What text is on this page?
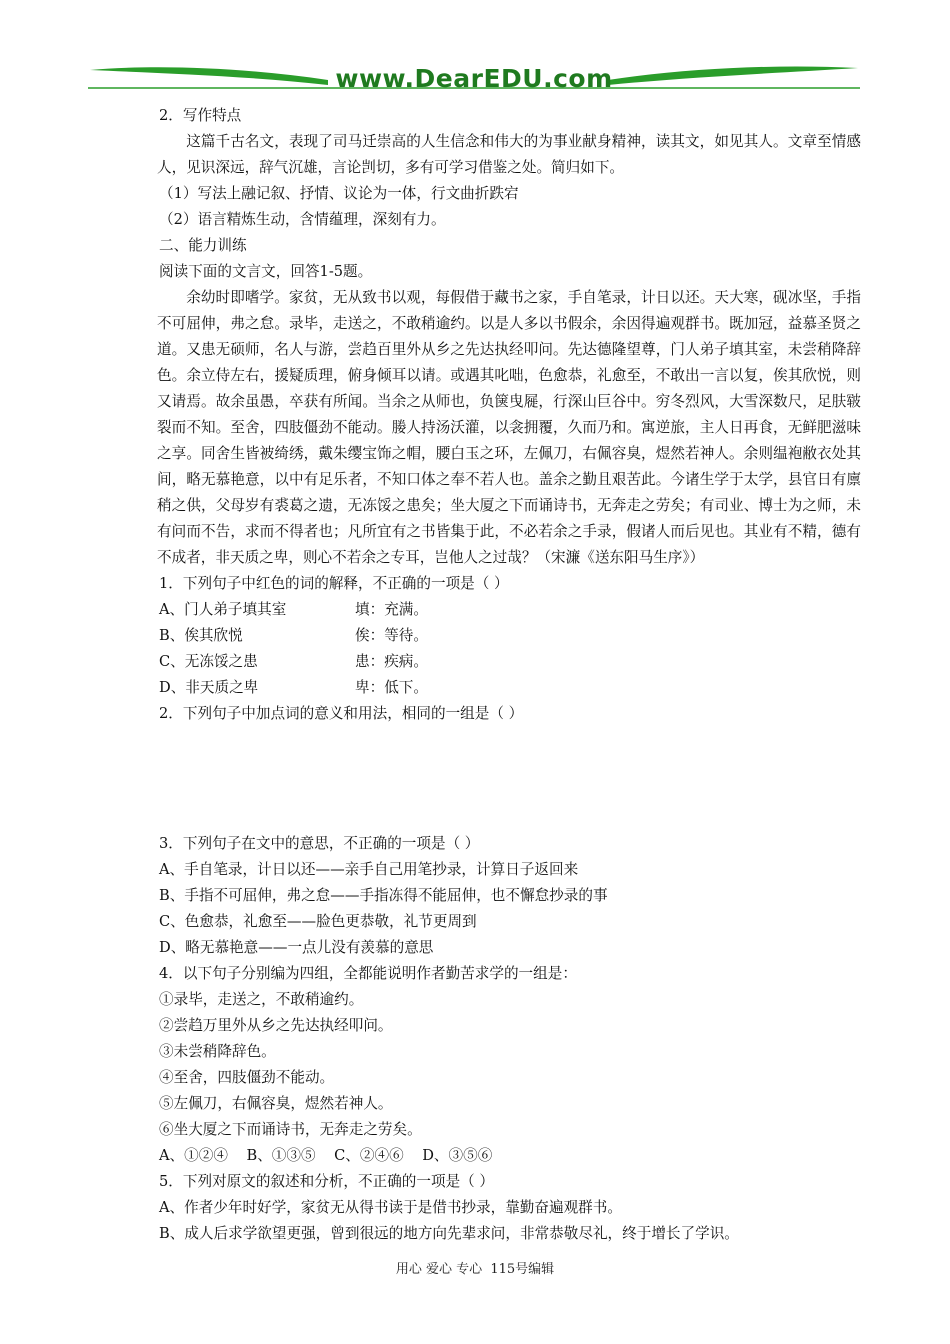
www.DearEDU.com

2．写作特点

这篇千古名文，表现了司马迁崇高的人生信念和伟大的为事业献身精神，读其文，如见其人。文章至情感人，见识深远，辞气沉雄，言论剀切，多有可学习借鉴之处。简归如下。

（1）写法上融记叙、抒情、议论为一体，行文曲折跌宕

（2）语言精炼生动，含情蕴理，深刻有力。

二、能力训练

阅读下面的文言文，回答1-5题。

余幼时即嗜学。家贫，无从致书以观，每假借于藏书之家，手自笔录，计日以还。天大寒，砚冰坚，手指不可屈伸，弗之怠。录毕，走送之，不敢稍逾约。以是人多以书假余，余因得遍观群书。既加冠，益慕圣贤之道。又患无硕师，名人与游，尝趋百里外从乡之先达执经叩问。先达德隆望尊，门人弟子填其室，未尝稍降辞色。余立侍左右，援疑质理，俯身倾耳以请。或遇其叱咄，色愈恭，礼愈至，不敢出一言以复，俟其欣悦，则又请焉。故余虽愚，卒获有所闻。当余之从师也，负箧曳屣，行深山巨谷中。穷冬烈风，大雪深数尺，足肤皲裂而不知。至舍，四肢僵劲不能动。媵人持汤沃灌，以衾拥覆，久而乃和。寓逆旅，主人日再食，无鲜肥滋味之享。同舍生皆被绮绣，戴朱缨宝饰之帽，腰白玉之环，左佩刀，右佩容臭，煜然若神人。余则缊袍敝衣处其间，略无慕艳意，以中有足乐者，不知口体之奉不若人也。盖余之勤且艰苦此。今诸生学于太学，县官日有廪稍之供，父母岁有裘葛之遗，无冻馁之患矣；坐大厦之下而诵诗书，无奔走之劳矣；有司业、博士为之师，未有问而不告，求而不得者也；凡所宜有之书皆集于此，不必若余之手录，假诸人而后见也。其业有不精，德有不成者，非天质之卑，则心不若余之专耳，岂他人之过哉？（宋濂《送东阳马生序》）

1．下列句子中红色的词的解释，不正确的一项是（ ）

A、门人弟子填其室	填：充满。
B、俟其欣悦	俟：等待。
C、无冻馁之患	患：疾病。
D、非天质之卑	卑：低下。

2．下列句子中加点词的意义和用法，相同的一组是（ ）

3．下列句子在文中的意思，不正确的一项是（ ）

A、手自笔录，计日以还——亲手自己用笔抄录，计算日子返回来

B、手指不可屈伸，弗之怠——手指冻得不能屈伸，也不懈怠抄录的事

C、色愈恭，礼愈至——脸色更恭敬，礼节更周到

D、略无慕艳意——一点儿没有羡慕的意思

4．以下句子分别编为四组，全都能说明作者勤苦求学的一组是：

①录毕，走送之，不敢稍逾约。

②尝趋万里外从乡之先达执经叩问。

③未尝稍降辞色。

④至舍，四肢僵劲不能动。

⑤左佩刀，右佩容臭，煜然若神人。

⑥坐大厦之下而诵诗书，无奔走之劳矣。

A、①②④    B、①③⑤    C、②④⑥    D、③⑤⑥

5．下列对原文的叙述和分析，不正确的一项是（ ）

A、作者少年时好学，家贫无从得书读于是借书抄录，靠勤奋遍观群书。

B、成人后求学欲望更强，曾到很远的地方向先辈求问，非常恭敬尽礼，终于增长了学识。

用心 爱心 专心  115号编辑
